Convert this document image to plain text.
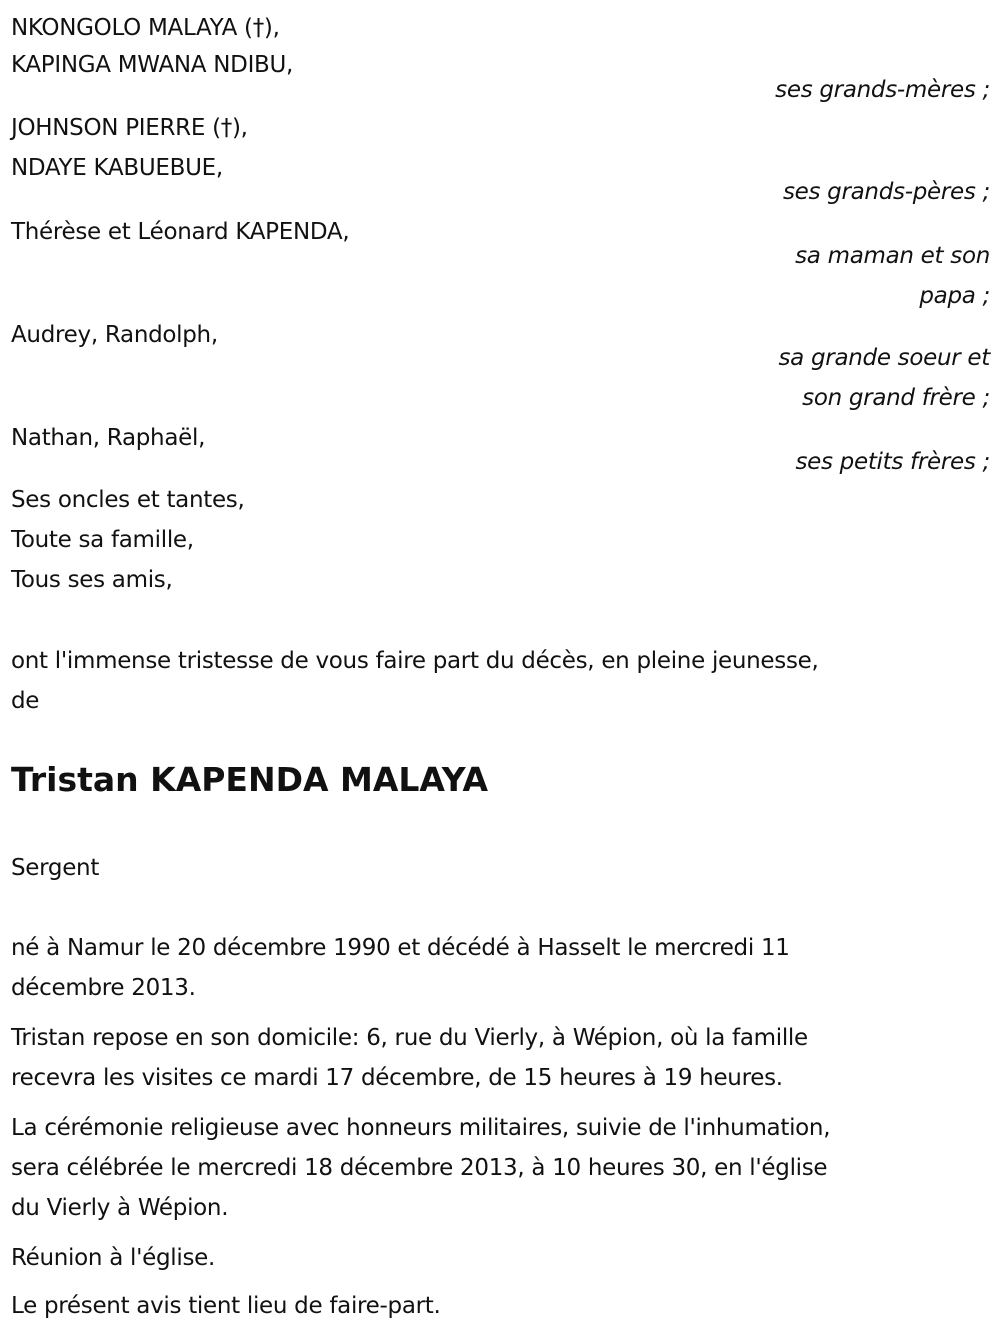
NKONGOLO MALAYA (†),
KAPINGA MWANA NDIBU,
ses grands-mères ;
JOHNSON PIERRE (†),
NDAYE KABUEBUE,
ses grands-pères ;
Thérèse et Léonard KAPENDA,
sa maman et son
papa ;
Audrey, Randolph,
sa grande soeur et
son grand frère ;
Nathan, Raphaël,
ses petits frères ;
Ses oncles et tantes,
Toute sa famille,
Tous ses amis,
ont l'immense tristesse de vous faire part du décès, en pleine jeunesse,
de
Tristan KAPENDA MALAYA
Sergent
né à Namur le 20 décembre 1990 et décédé à Hasselt le mercredi 11
décembre 2013.
Tristan repose en son domicile: 6, rue du Vierly, à Wépion, où la famille
recevra les visites ce mardi 17 décembre, de 15 heures à 19 heures.
La cérémonie religieuse avec honneurs militaires, suivie de l'inhumation,
sera célébrée le mercredi 18 décembre 2013, à 10 heures 30, en l'église
du Vierly à Wépion.
Réunion à l'église.
Le présent avis tient lieu de faire-part.
